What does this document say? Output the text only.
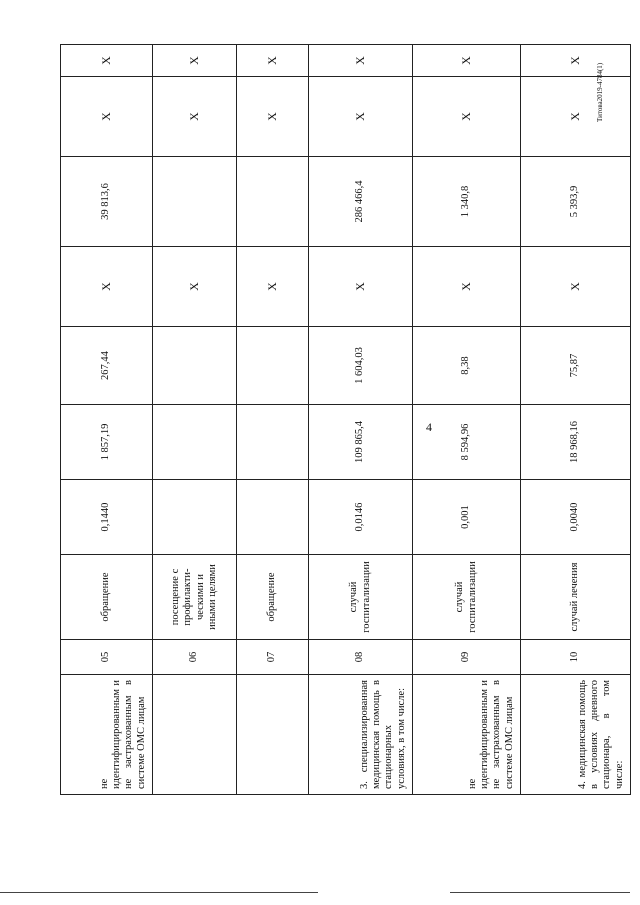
4
Титова2019-4784(1)
не идентифицированным и не застрахованным в системе ОМС лицам	05	обращение	0,1440	1 857,19	267,44	X	39 813,6	X	X
	06	посещение с профилакти-ческими и иными целями				X		X	X
	07	обращение				X		X	X
3. специализированная медицинская помощь в стационарных условиях, в том числе:	08	случай госпитализации	0,0146	109 865,4	1 604,03	X	286 466,4	X	X
не идентифицированным и не застрахованным в системе ОМС лицам	09	случай госпитализации	0,001	8 594,96	8,38	X	1 340,8	X	X
4. медицинская помощь в условиях дневного стационара, в том числе:	10	случай лечения	0,0040	18 968,16	75,87	X	5 393,9	X	X
